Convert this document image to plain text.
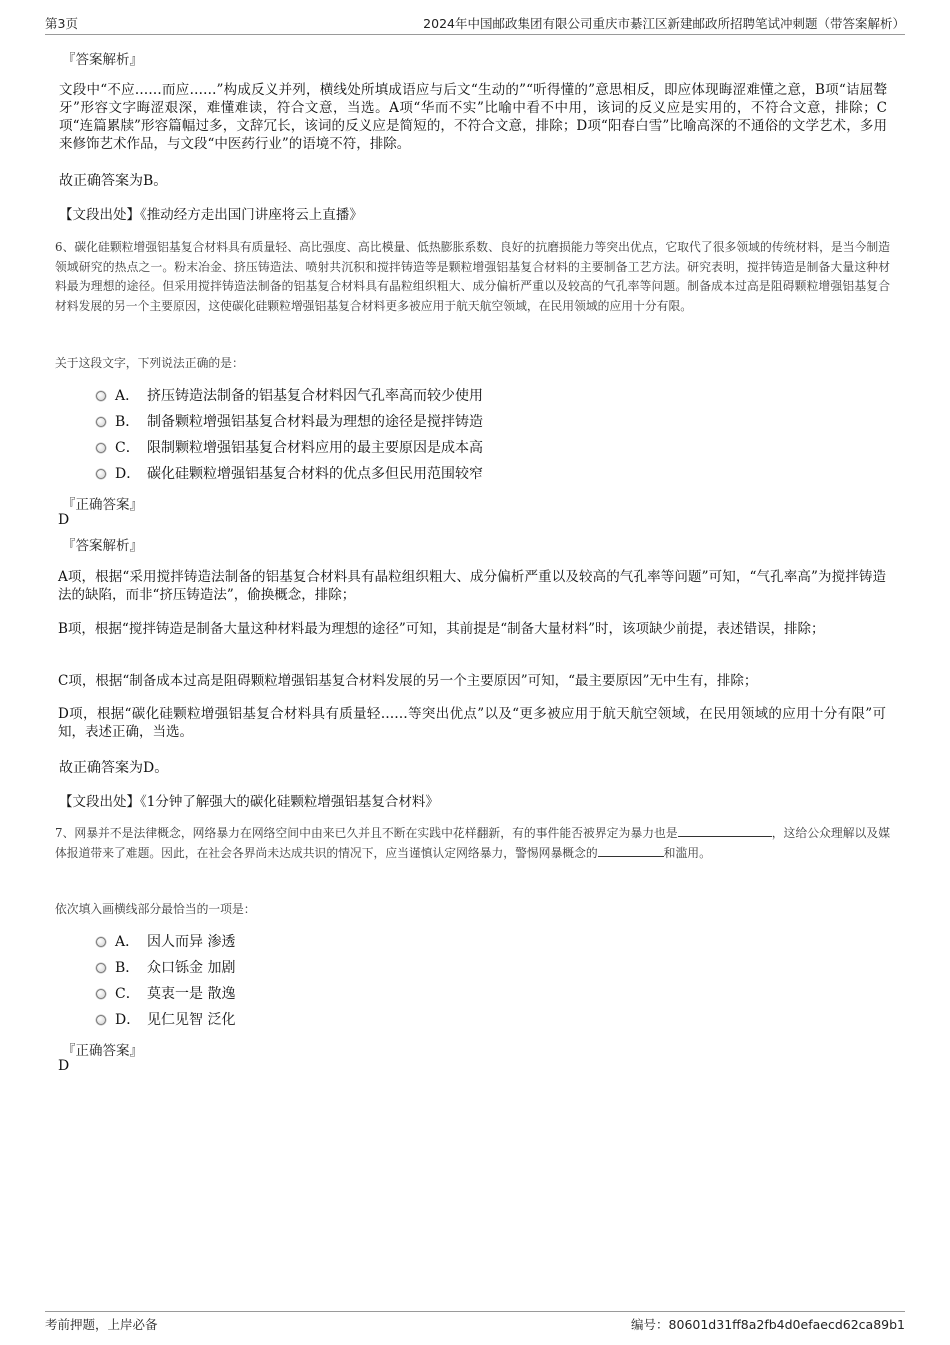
第3页	2024年中国邮政集团有限公司重庆市綦江区新建邮政所招聘笔试冲刺题（带答案解析）
『答案解析』
文段中“不应……而应……”构成反义并列，横线处所填成语应与后文“生动的”“听得懂的”意思相反，即应体现晦涩难懂之意，B项“诘屈聱牙”形容文字晦涩艰深，难懂难读，符合文意，当选。A项“华而不实”比喻中看不中用，该词的反义应是实用的，不符合文意，排除；C项“连篇累牍”形容篇幅过多，文辞冗长，该词的反义应是简短的，不符合文意，排除；D项“阳春白雪”比喻高深的不通俗的文学艺术，多用来修饰艺术作品，与文段“中医药行业”的语境不符，排除。
故正确答案为B。
【文段出处】《推动经方走出国门讲座将云上直播》
6、碳化硅颗粒增强铝基复合材料具有质量轻、高比强度、高比模量、低热膨胀系数、良好的抗磨损能力等突出优点，它取代了很多领域的传统材料，是当今制造领域研究的热点之一。粉末冶金、挤压铸造法、喷射共沉积和搅拌铸造等是颗粒增强铝基复合材料的主要制备工艺方法。研究表明，搅拌铸造是制备大量这种材料最为理想的途径。但采用搅拌铸造法制备的铝基复合材料具有晶粒组织粗大、成分偏析严重以及较高的气孔率等问题。制备成本过高是阻碍颗粒增强铝基复合材料发展的另一个主要原因，这使碳化硅颗粒增强铝基复合材料更多被应用于航天航空领域，在民用领域的应用十分有限。
关于这段文字，下列说法正确的是：
A． 挤压铸造法制备的铝基复合材料因气孔率高而较少使用
B． 制备颗粒增强铝基复合材料最为理想的途径是搅拌铸造
C． 限制颗粒增强铝基复合材料应用的最主要原因是成本高
D． 碳化硅颗粒增强铝基复合材料的优点多但民用范围较窄
『正确答案』
D
『答案解析』
A项，根据“采用搅拌铸造法制备的铝基复合材料具有晶粒组织粗大、成分偏析严重以及较高的气孔率等问题”可知，“气孔率高”为搅拌铸造法的缺陷，而非“挤压铸造法”，偷换概念，排除；
B项，根据“搅拌铸造是制备大量这种材料最为理想的途径”可知，其前提是“制备大量材料”时，该项缺少前提，表述错误，排除；
C项，根据“制备成本过高是阻碍颗粒增强铝基复合材料发展的另一个主要原因”可知，“最主要原因”无中生有，排除；
D项，根据“碳化硅颗粒增强铝基复合材料具有质量轻……等突出优点”以及“更多被应用于航天航空领域，在民用领域的应用十分有限”可知，表述正确，当选。
故正确答案为D。
【文段出处】《1分钟了解强大的碳化硅颗粒增强铝基复合材料》
7、网暴并不是法律概念，网络暴力在网络空间中由来已久并且不断在实践中花样翻新，有的事件能否被界定为暴力也是	，这给公众理解以及媒体报道带来了难题。因此，在社会各界尚未达成共识的情况下，应当谨慎认定网络暴力，警惕网暴概念的	和滥用。
依次填入画横线部分最恰当的一项是：
A． 因人而异 渗透
B． 众口铄金 加剧
C． 莫衷一是 散逸
D． 见仁见智 泛化
『正确答案』
D
考前押题，上岸必备	编号：80601d31ff8a2fb4d0efaecd62ca89b1
